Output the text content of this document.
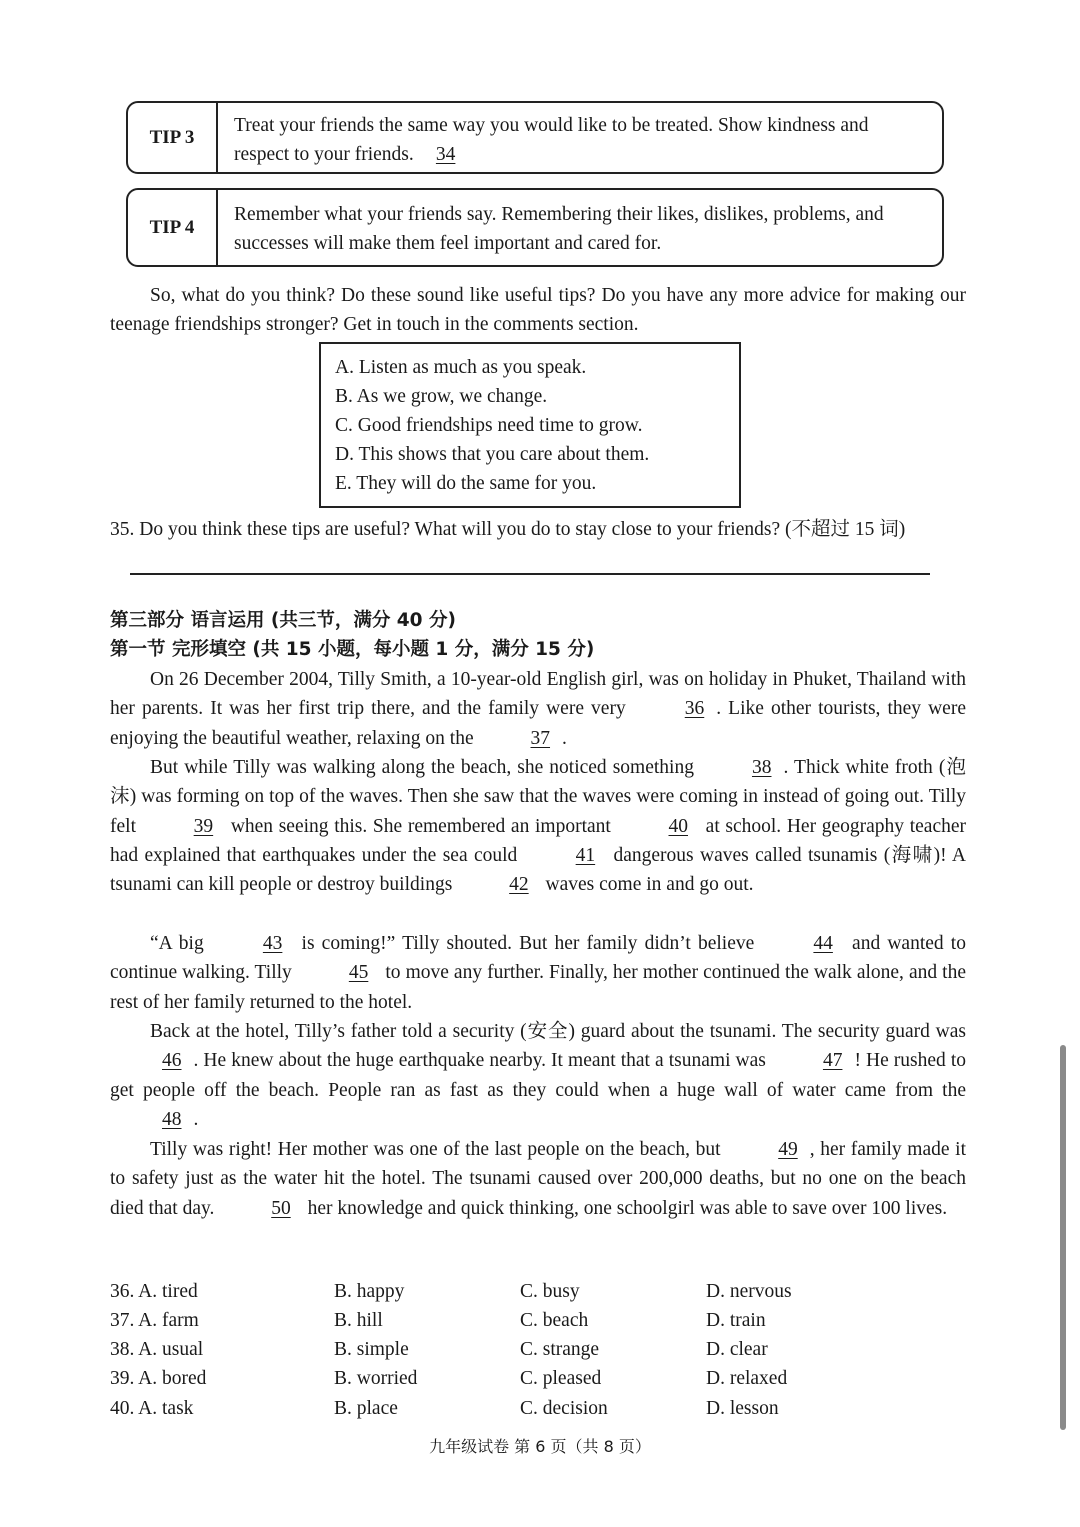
TIP 3
Treat your friends the same way you would like to be treated. Show kindness and respect to your friends. 34
TIP 4
Remember what your friends say. Remembering their likes, dislikes, problems, and successes will make them feel important and cared for.

So, what do you think? Do these sound like useful tips? Do you have any more advice for making our teenage friendships stronger? Get in touch in the comments section.

A. Listen as much as you speak.
B. As we grow, we change.
C. Good friendships need time to grow.
D. This shows that you care about them.
E. They will do the same for you.

35. Do you think these tips are useful? What will you do to stay close to your friends? (不超过 15 词)

第三部分 语言运用 (共三节，满分 40 分)
第一节 完形填空 (共 15 小题，每小题 1 分，满分 15 分)

On 26 December 2004, Tilly Smith, a 10-year-old English girl, was on holiday in Phuket, Thailand with her parents. It was her first trip there, and the family were very	36 . Like other tourists, they were enjoying the beautiful weather, relaxing on the	37 .

But while Tilly was walking along the beach, she noticed something	38 . Thick white froth (泡沫) was forming on top of the waves. Then she saw that the waves were coming in instead of going out. Tilly felt	39 when seeing this. She remembered an important	40 at school. Her geography teacher had explained that earthquakes under the sea could	41 dangerous waves called tsunamis (海啸)! A tsunami can kill people or destroy buildings	42 waves come in and go out.

“A big	43 is coming!” Tilly shouted. But her family didn’t believe	44 and wanted to continue walking. Tilly	45 to move any further. Finally, her mother continued the walk alone, and the rest of her family returned to the hotel.

Back at the hotel, Tilly’s father told a security (安全) guard about the tsunami. The security guard was 46 . He knew about the huge earthquake nearby. It meant that a tsunami was	47 ! He rushed to get people off the beach. People ran as fast as they could when a huge wall of water came from the 48 .

Tilly was right! Her mother was one of the last people on the beach, but	49 , her family made it to safety just as the water hit the hotel. The tsunami caused over 200,000 deaths, but no one on the beach died that day.	50 her knowledge and quick thinking, one schoolgirl was able to save over 100 lives.

36. A. tired	B. happy	C. busy	D. nervous
37. A. farm	B. hill	C. beach	D. train
38. A. usual	B. simple	C. strange	D. clear
39. A. bored	B. worried	C. pleased	D. relaxed
40. A. task	B. place	C. decision	D. lesson
九年级试卷 第 6 页（共 8 页）
